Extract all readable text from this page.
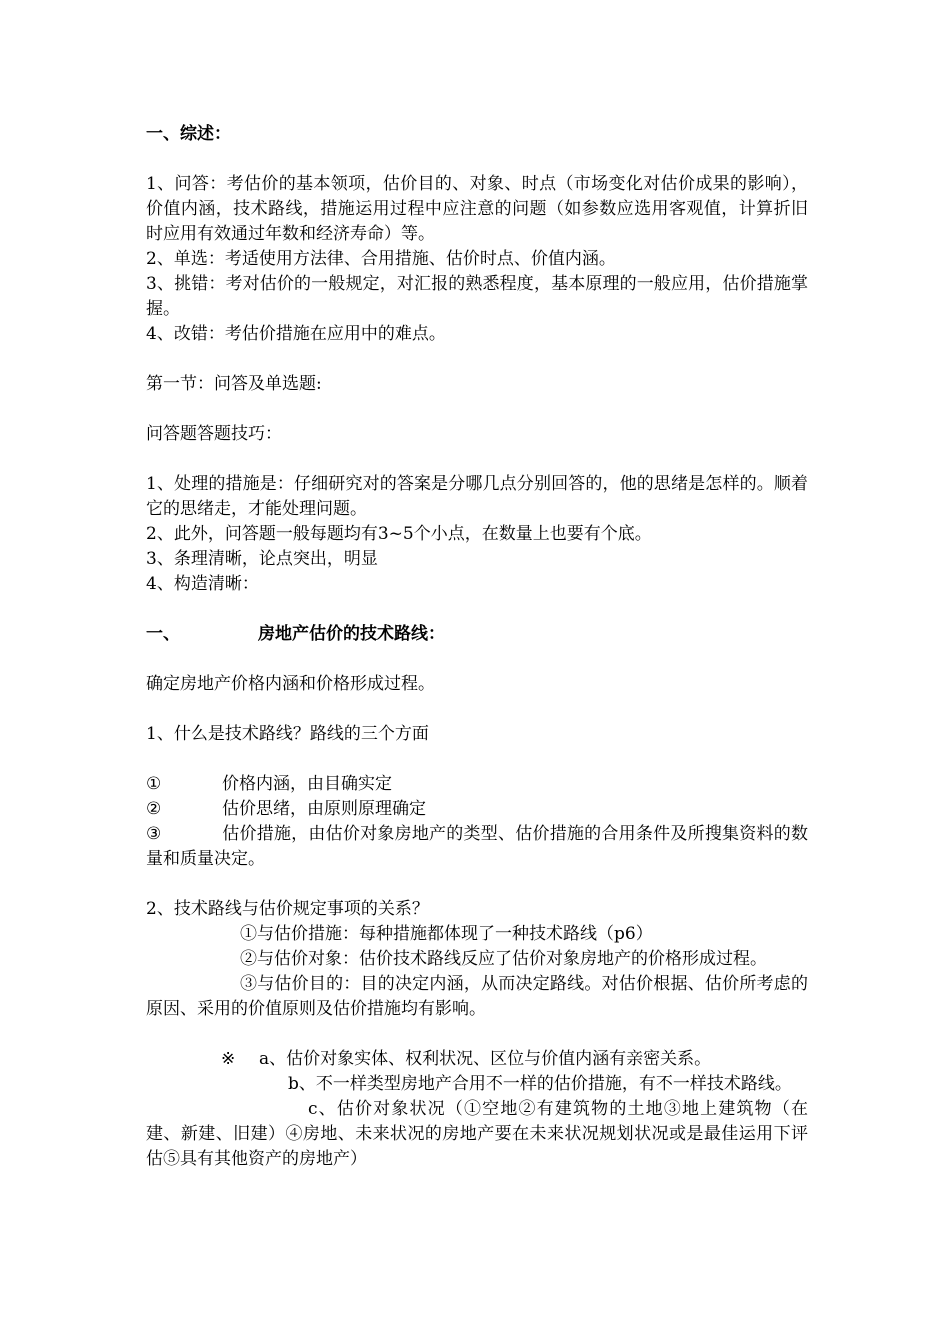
一、综述：
1、问答：考估价的基本领项，估价目的、对象、时点（市场变化对估价成果的影响），价值内涵，技术路线，措施运用过程中应注意的问题（如参数应选用客观值，计算折旧时应用有效通过年数和经济寿命）等。
2、单选：考适使用方法律、合用措施、估价时点、价值内涵。
3、挑错：考对估价的一般规定，对汇报的熟悉程度，基本原理的一般应用，估价措施掌握。
4、改错：考估价措施在应用中的难点。
第一节：问答及单选题:
问答题答题技巧：
1、处理的措施是：仔细研究对的答案是分哪几点分别回答的，他的思绪是怎样的。顺着它的思绪走，才能处理问题。
2、此外，问答题一般每题均有3~5个小点，在数量上也要有个底。
3、条理清晰，论点突出，明显
4、构造清晰：
一、	房地产估价的技术路线：
确定房地产价格内涵和价格形成过程。
1、什么是技术路线？路线的三个方面
①	价格内涵，由目确实定
②	估价思绪，由原则原理确定
③	估价措施，由估价对象房地产的类型、估价措施的合用条件及所搜集资料的数量和质量决定。
2、技术路线与估价规定事项的关系？
①与估价措施：每种措施都体现了一种技术路线（p6）
②与估价对象：估价技术路线反应了估价对象房地产的价格形成过程。
③与估价目的：目的决定内涵，从而决定路线。对估价根据、估价所考虑的原因、采用的价值原则及估价措施均有影响。
※ a、估价对象实体、权利状况、区位与价值内涵有亲密关系。
b、不一样类型房地产合用不一样的估价措施，有不一样技术路线。
c、估价对象状况（①空地②有建筑物的土地③地上建筑物（在建、新建、旧建）④房地、未来状况的房地产要在未来状况规划状况或是最佳运用下评估⑤具有其他资产的房地产）
